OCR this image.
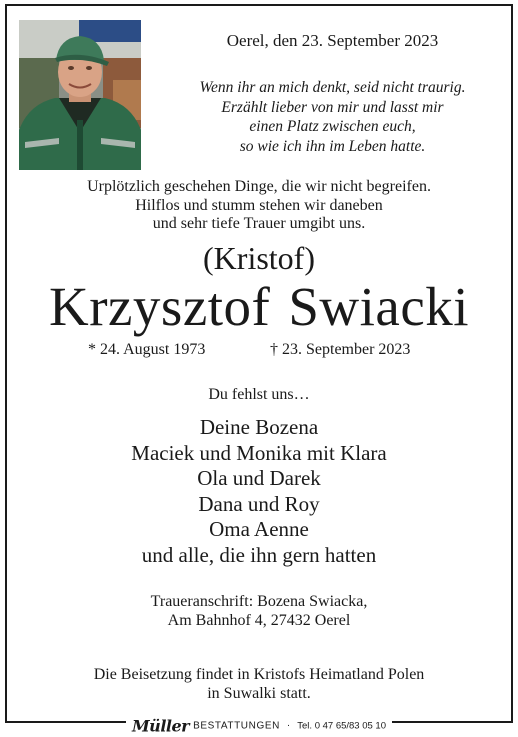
Oerel, den 23. September 2023
Wenn ihr an mich denkt, seid nicht traurig.
Erzählt lieber von mir und lasst mir
einen Platz zwischen euch,
so wie ich ihn im Leben hatte.
Urplötzlich geschehen Dinge, die wir nicht begreifen.
Hilflos und stumm stehen wir daneben
und sehr tiefe Trauer umgibt uns.
(Kristof)
Krzysztof Swiacki
* 24. August 1973	† 23. September 2023
Du fehlst uns…
Deine Bozena
Maciek und Monika mit Klara
Ola und Darek
Dana und Roy
Oma Aenne
und alle, die ihn gern hatten
Traueranschrift: Bozena Swiacka,
Am Bahnhof 4, 27432 Oerel
Die Beisetzung findet in Kristofs Heimatland Polen
in Suwalki statt.
Müller BESTATTUNGEN · Tel. 0 47 65/83 05 10
